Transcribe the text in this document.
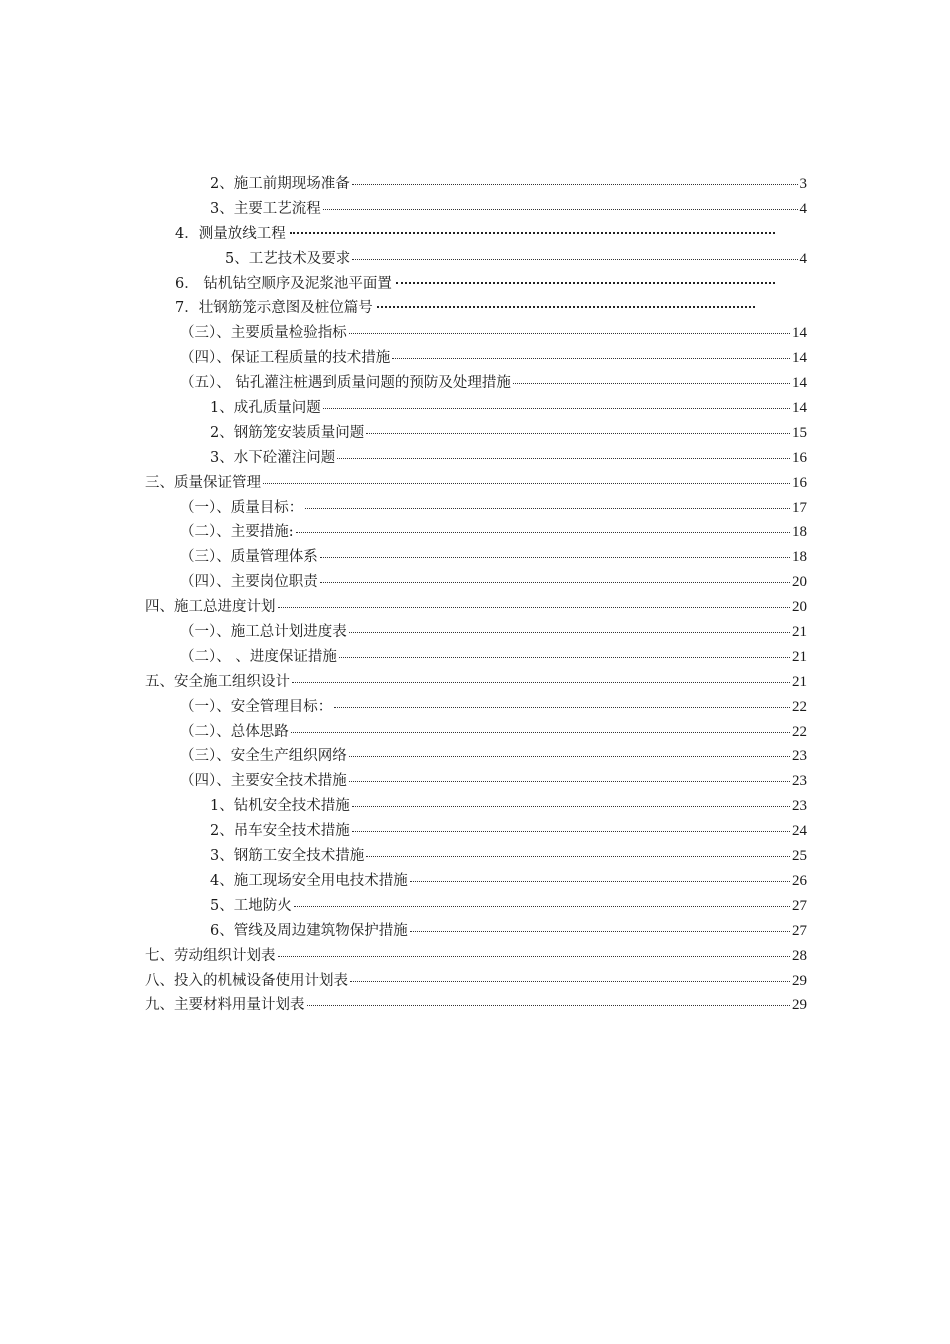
2、施工前期现场准备	3
3、主要工艺流程	4
4．测量放线工程
5、工艺技术及要求	4
6． 钻机钻空顺序及泥浆池平面置
7．壮钢筋笼示意图及桩位篇号
（三）、主要质量检验指标	14
（四）、保证工程质量的技术措施	14
（五）、 钻孔灌注桩遇到质量问题的预防及处理措施	14
1、成孔质量问题	14
2、钢筋笼安装质量问题	15
3、水下砼灌注问题	16
三、质量保证管理	16
（一）、质量目标：	17
（二）、主要措施:	18
（三）、质量管理体系	18
（四）、主要岗位职责	20
四、施工总进度计划	20
（一）、施工总计划进度表	21
（二）、 、进度保证措施	21
五、安全施工组织设计	21
（一）、安全管理目标：	22
（二）、总体思路	22
（三）、安全生产组织网络	23
（四）、主要安全技术措施	23
1、钻机安全技术措施	23
2、吊车安全技术措施	24
3、钢筋工安全技术措施	25
4、施工现场安全用电技术措施	26
5、工地防火	27
6、管线及周边建筑物保护措施	27
七、劳动组织计划表	28
八、投入的机械设备使用计划表	29
九、主要材料用量计划表	29
